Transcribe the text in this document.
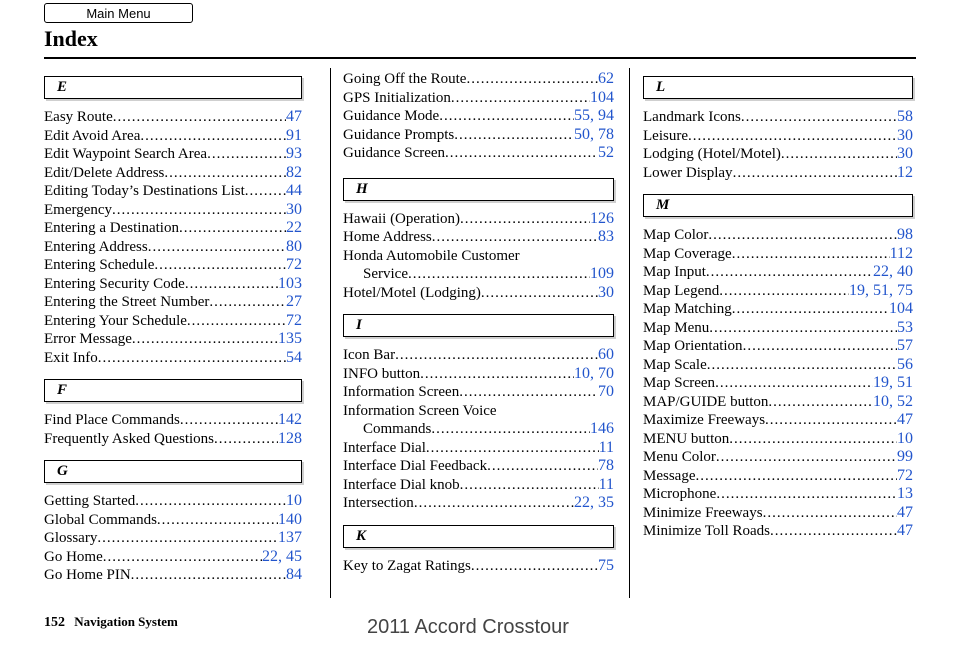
Main Menu
Index
E
Easy Route .....	47
Edit Avoid Area .....	91
Edit Waypoint Search Area .....	93
Edit/Delete Address .....	82
Editing Today’s Destinations List .....	44
Emergency .....	30
Entering a Destination .....	22
Entering Address .....	80
Entering Schedule .....	72
Entering Security Code .....	103
Entering the Street Number .....	27
Entering Your Schedule .....	72
Error Message .....	135
Exit Info .....	54
F
Find Place Commands .....	142
Frequently Asked Questions .....	128
G
Getting Started .....	10
Global Commands .....	140
Glossary .....	137
Go Home .....	22, 45
Go Home PIN .....	84
Going Off the Route .....	62
GPS Initialization .....	104
Guidance Mode .....	55, 94
Guidance Prompts .....	50, 78
Guidance Screen .....	52
H
Hawaii (Operation) .....	126
Home Address .....	83
Honda Automobile Customer
Service .....	109
Hotel/Motel (Lodging) .....	30
I
Icon Bar .....	60
INFO button .....	10, 70
Information Screen .....	70
Information Screen Voice
Commands .....	146
Interface Dial .....	11
Interface Dial Feedback .....	78
Interface Dial knob .....	11
Intersection .....	22, 35
K
Key to Zagat Ratings .....	75
L
Landmark Icons .....	58
Leisure .....	30
Lodging (Hotel/Motel) .....	30
Lower Display .....	12
M
Map Color .....	98
Map Coverage .....	112
Map Input .....	22, 40
Map Legend .....	19, 51, 75
Map Matching .....	104
Map Menu .....	53
Map Orientation .....	57
Map Scale .....	56
Map Screen .....	19, 51
MAP/GUIDE button .....	10, 52
Maximize Freeways .....	47
MENU button .....	10
Menu Color .....	99
Message .....	72
Microphone .....	13
Minimize Freeways .....	47
Minimize Toll Roads .....	47
152 Navigation System	2011 Accord Crosstour
